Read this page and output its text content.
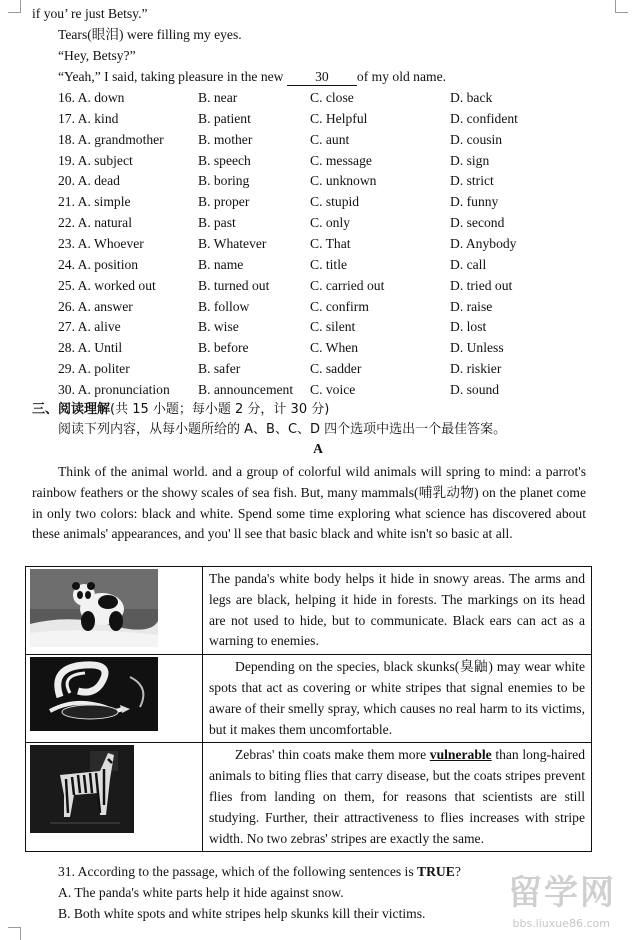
if you’ re just Betsy.”
Tears(眼泪) were filling my eyes.
“Hey, Betsy?”
“Yeah,” I said, taking pleasure in the new 30 of my old name.
16. A. down	B. near	C. close	D. back
17. A. kind	B. patient	C. Helpful	D. confident
18. A. grandmother	B. mother	C. aunt	D. cousin
19. A. subject	B. speech	C. message	D. sign
20. A. dead	B. boring	C. unknown	D. strict
21. A. simple	B. proper	C. stupid	D. funny
22. A. natural	B. past	C. only	D. second
23. A. Whoever	B. Whatever	C. That	D. Anybody
24. A. position	B. name	C. title	D. call
25. A. worked out	B. turned out	C. carried out	D. tried out
26. A. answer	B. follow	C. confirm	D. raise
27. A. alive	B. wise	C. silent	D. lost
28. A. Until	B. before	C. When	D. Unless
29. A. politer	B. safer	C. sadder	D. riskier
30. A. pronunciation B. announcement C. voice	D. sound
三、阅读理解(共 15 小题；每小题 2 分，计 30 分)
阅读下列内容，从每小题所给的 A、B、C、D 四个选项中选出一个最佳答案。
A
Think of the animal world. and a group of colorful wild animals will spring to mind: a parrot's rainbow feathers or the showy scales of sea fish. But, many mammals(哺乳动物) on the planet come in only two colors: black and white. Spend some time exploring what science has discovered about these animals' appearances, and you' ll see that basic black and white isn't so basic at all.
	The panda's white body helps it hide in snowy areas. The arms and legs are black, helping it hide in forests. The markings on its head are not used to hide, but to communicate. Black ears can act as a warning to enemies.
	Depending on the species, black skunks(臭鼬) may wear white spots that act as covering or white stripes that signal enemies to be aware of their smelly spray, which causes no real harm to its victims, but it makes them uncomfortable.
	Zebras' thin coats make them more vulnerable than long-haired animals to biting flies that carry disease, but the coats stripes prevent flies from landing on them, for reasons that scientists are still studying. Further, their attractiveness to flies increases with stripe width. No two zebras' stripes are exactly the same.
31. According to the passage, which of the following sentences is TRUE?
A. The panda's white parts help it hide against snow.
B. Both white spots and white stripes help skunks kill their victims.
留学网
bbs.liuxue86.com
